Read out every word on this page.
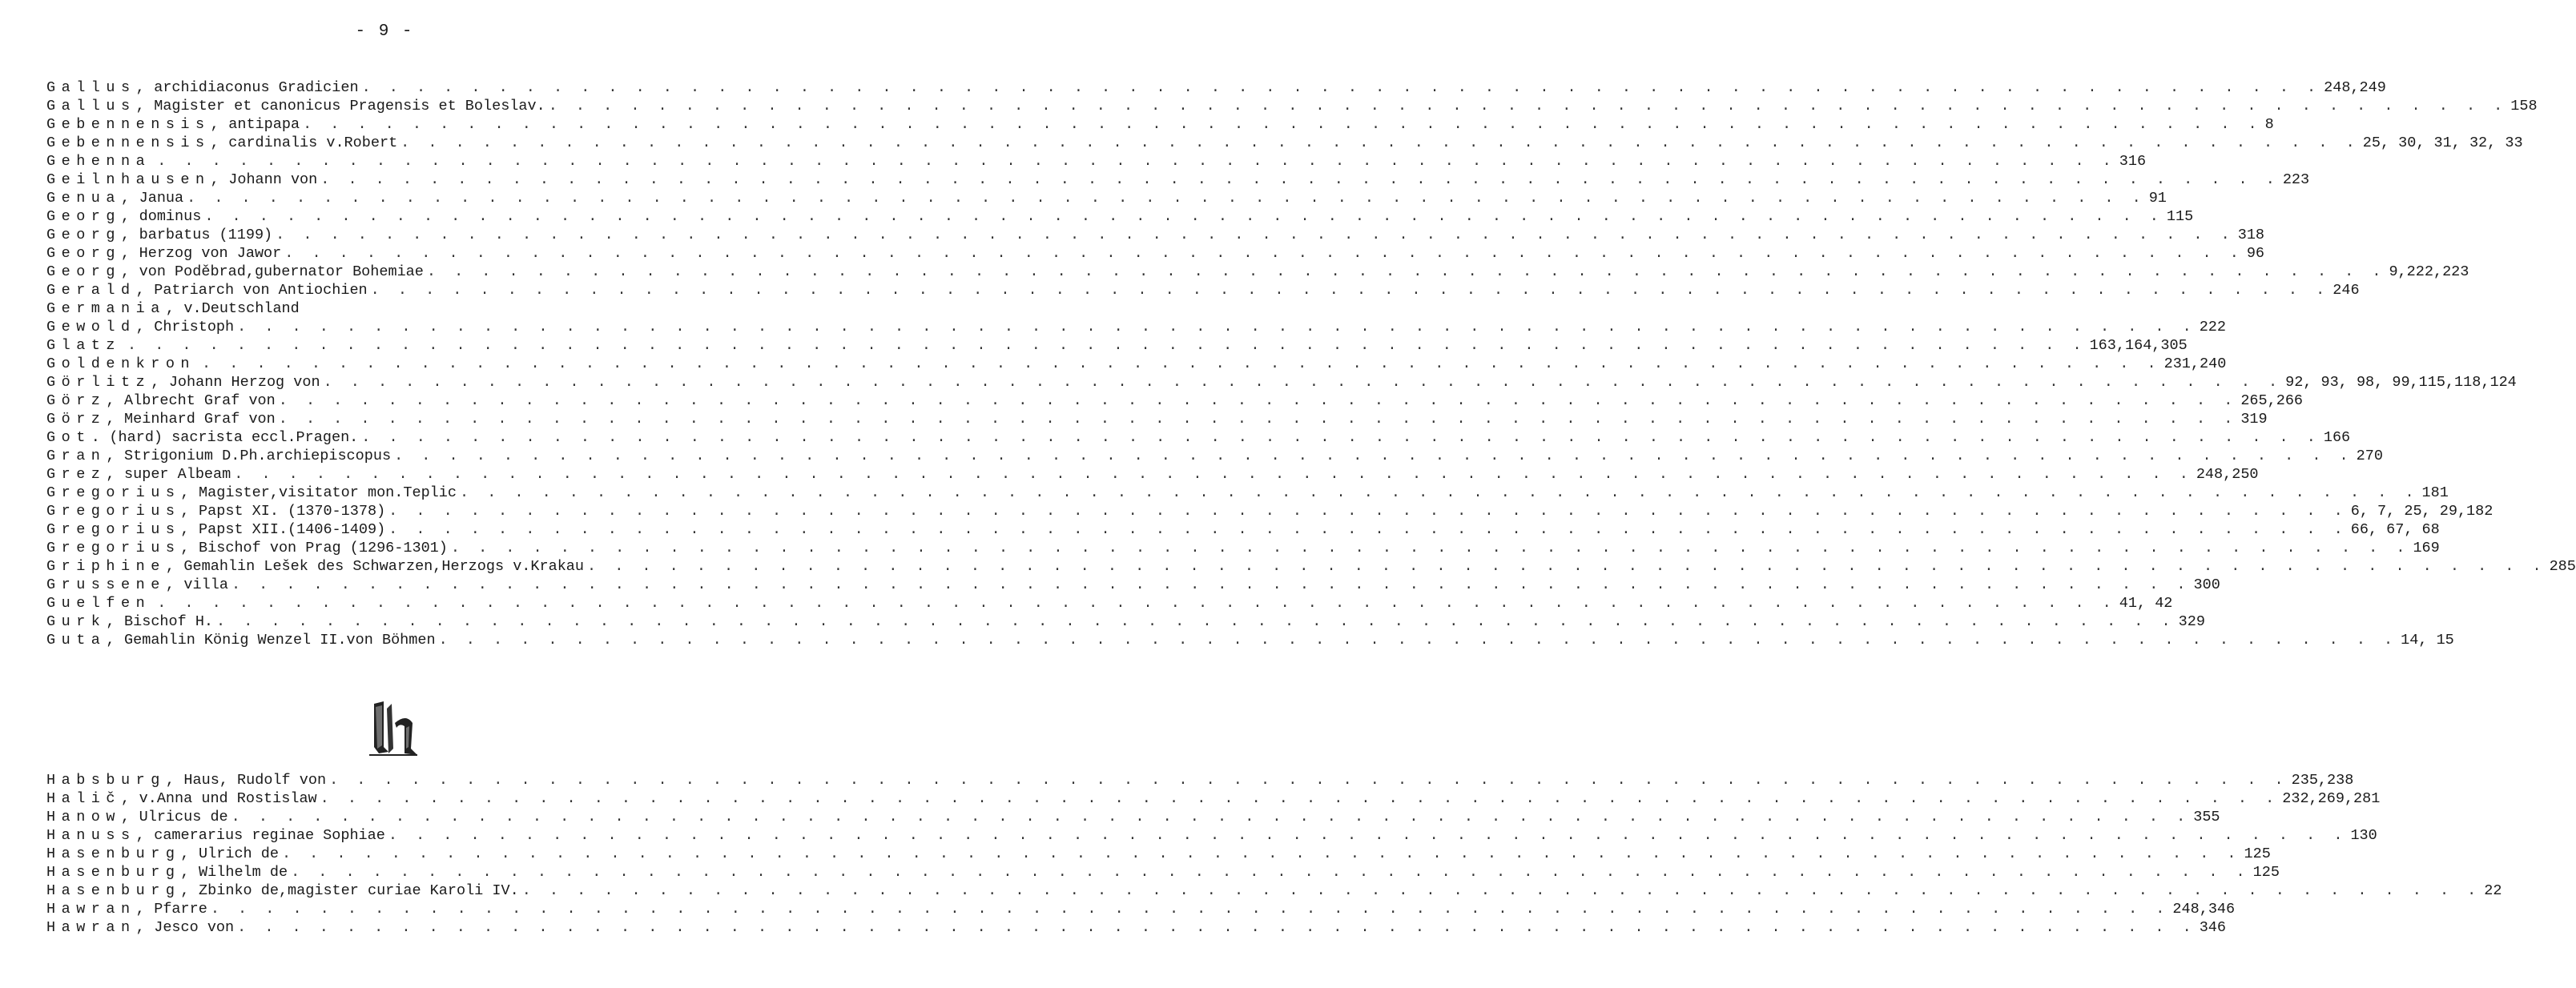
- 9 -
Gallus, archidiaconus Gradicien . . . . . . . . . . . . . . . . . . . . . . . . . . . . . . . . . . . . . . . . . . . . . . . . . . . . . . . . . . . . . . . . . . . . . . . . 248,249
Gallus, Magister et canonicus Pragensis et Boleslav. . . . . . . . . . . . . . . . . . . . . . . . . . . . . . . . . . . . . . . . . . . . . . . . . . . . . . . . . . . . . . . . . . . . . . . . . 158
Gebennensis, antipapa . . . . . . . . . . . . . . . . . . . . . . . . . . . . . . . . . . . . . . . . . . . . . . . . . . . . . . . . . . . . . . . . . . . . . . . . 8
Gebennensis, cardinalis v.Robert . . . . . . . . . . . . . . . . . . . . . . . . . . . . . . . . . . . . . . . . . . . . . . . . . . . . . . . . . . . . . . . . . . . . . . . . 25, 30, 31, 32, 33
Gehenna . . . . . . . . . . . . . . . . . . . . . . . . . . . . . . . . . . . . . . . . . . . . . . . . . . . . . . . . . . . . . . . . . . . . . . . . 316
Geilnhausen, Johann von . . . . . . . . . . . . . . . . . . . . . . . . . . . . . . . . . . . . . . . . . . . . . . . . . . . . . . . . . . . . . . . . . . . . . . . . 223
Genua, Janua . . . . . . . . . . . . . . . . . . . . . . . . . . . . . . . . . . . . . . . . . . . . . . . . . . . . . . . . . . . . . . . . . . . . . . . . 91
Georg, dominus . . . . . . . . . . . . . . . . . . . . . . . . . . . . . . . . . . . . . . . . . . . . . . . . . . . . . . . . . . . . . . . . . . . . . . . . 115
Georg, barbatus (1199) . . . . . . . . . . . . . . . . . . . . . . . . . . . . . . . . . . . . . . . . . . . . . . . . . . . . . . . . . . . . . . . . . . . . . . . . 318
Georg, Herzog von Jawor . . . . . . . . . . . . . . . . . . . . . . . . . . . . . . . . . . . . . . . . . . . . . . . . . . . . . . . . . . . . . . . . . . . . . . . . 96
Georg, von Poděbrad,gubernator Bohemiae . . . . . . . . . . . . . . . . . . . . . . . . . . . . . . . . . . . . . . . . . . . . . . . . . . . . . . . . . . . . . . . . . . . . . . . . 9,222,223
Gerald, Patriarch von Antiochien . . . . . . . . . . . . . . . . . . . . . . . . . . . . . . . . . . . . . . . . . . . . . . . . . . . . . . . . . . . . . . . . . . . . . . . . 246
Germania, v.Deutschland
Gewold, Christoph . . . . . . . . . . . . . . . . . . . . . . . . . . . . . . . . . . . . . . . . . . . . . . . . . . . . . . . . . . . . . . . . . . . . . . . . 222
Glatz . . . . . . . . . . . . . . . . . . . . . . . . . . . . . . . . . . . . . . . . . . . . . . . . . . . . . . . . . . . . . . . . . . . . . . . . 163,164,305
Goldenkron . . . . . . . . . . . . . . . . . . . . . . . . . . . . . . . . . . . . . . . . . . . . . . . . . . . . . . . . . . . . . . . . . . . . . . . . 231,240
Görlitz, Johann Herzog von . . . . . . . . . . . . . . . . . . . . . . . . . . . . . . . . . . . . . . . . . . . . . . . . . . . . . . . . . . . . . . . . . . . . . . . . 92, 93, 98, 99,115,118,124
Görz, Albrecht Graf von . . . . . . . . . . . . . . . . . . . . . . . . . . . . . . . . . . . . . . . . . . . . . . . . . . . . . . . . . . . . . . . . . . . . . . . . 265,266
Görz, Meinhard Graf von . . . . . . . . . . . . . . . . . . . . . . . . . . . . . . . . . . . . . . . . . . . . . . . . . . . . . . . . . . . . . . . . . . . . . . . . 319
Got. (hard) sacrista eccl.Pragen. . . . . . . . . . . . . . . . . . . . . . . . . . . . . . . . . . . . . . . . . . . . . . . . . . . . . . . . . . . . . . . . . . . . . . . . . 166
Gran, Strigonium D.Ph.archiepiscopus . . . . . . . . . . . . . . . . . . . . . . . . . . . . . . . . . . . . . . . . . . . . . . . . . . . . . . . . . . . . . . . . . . . . . . . . 270
Grez, super Albeam . . . . . . . . . . . . . . . . . . . . . . . . . . . . . . . . . . . . . . . . . . . . . . . . . . . . . . . . . . . . . . . . . . . . . . . . 248,250
Gregorius, Magister,visitator mon.Teplic . . . . . . . . . . . . . . . . . . . . . . . . . . . . . . . . . . . . . . . . . . . . . . . . . . . . . . . . . . . . . . . . . . . . . . . . 181
Gregorius, Papst XI. (1370-1378) . . . . . . . . . . . . . . . . . . . . . . . . . . . . . . . . . . . . . . . . . . . . . . . . . . . . . . . . . . . . . . . . . . . . . . . . 6, 7, 25, 29,182
Gregorius, Papst XII.(1406-1409) . . . . . . . . . . . . . . . . . . . . . . . . . . . . . . . . . . . . . . . . . . . . . . . . . . . . . . . . . . . . . . . . . . . . . . . . 66, 67, 68
Gregorius, Bischof von Prag (1296-1301) . . . . . . . . . . . . . . . . . . . . . . . . . . . . . . . . . . . . . . . . . . . . . . . . . . . . . . . . . . . . . . . . . . . . . . . . 169
Griphine, Gemahlin Lešek des Schwarzen,Herzogs v.Krakau . . . . . . . . . . . . . . . . . . . . . . . . . . . . . . . . . . . . . . . . . . . . . . . . . . . . . . . . . . . . . . . . . . . . . . . . 285
Grussene, villa . . . . . . . . . . . . . . . . . . . . . . . . . . . . . . . . . . . . . . . . . . . . . . . . . . . . . . . . . . . . . . . . . . . . . . . . 300
Guelfen . . . . . . . . . . . . . . . . . . . . . . . . . . . . . . . . . . . . . . . . . . . . . . . . . . . . . . . . . . . . . . . . . . . . . . . . 41, 42
Gurk, Bischof H. . . . . . . . . . . . . . . . . . . . . . . . . . . . . . . . . . . . . . . . . . . . . . . . . . . . . . . . . . . . . . . . . . . . . . . . . 329
Guta, Gemahlin König Wenzel II.von Böhmen . . . . . . . . . . . . . . . . . . . . . . . . . . . . . . . . . . . . . . . . . . . . . . . . . . . . . . . . . . . . . . . . . . . . . . . . 14, 15
Habsburg, Haus, Rudolf von . . . . . . . . . . . . . . . . . . . . . . . . . . . . . . . . . . . . . . . . . . . . . . . . . . . . . . . . . . . . . . . . . . . . . . . . 235,238
Halič, v.Anna und Rostislaw . . . . . . . . . . . . . . . . . . . . . . . . . . . . . . . . . . . . . . . . . . . . . . . . . . . . . . . . . . . . . . . . . . . . . . . . 232,269,281
Hanow, Ulricus de . . . . . . . . . . . . . . . . . . . . . . . . . . . . . . . . . . . . . . . . . . . . . . . . . . . . . . . . . . . . . . . . . . . . . . . . 355
Hanuss, camerarius reginae Sophiae . . . . . . . . . . . . . . . . . . . . . . . . . . . . . . . . . . . . . . . . . . . . . . . . . . . . . . . . . . . . . . . . . . . . . . . . 130
Hasenburg, Ulrich de . . . . . . . . . . . . . . . . . . . . . . . . . . . . . . . . . . . . . . . . . . . . . . . . . . . . . . . . . . . . . . . . . . . . . . . . 125
Hasenburg, Wilhelm de . . . . . . . . . . . . . . . . . . . . . . . . . . . . . . . . . . . . . . . . . . . . . . . . . . . . . . . . . . . . . . . . . . . . . . . . 125
Hasenburg, Zbinko de,magister curiae Karoli IV. . . . . . . . . . . . . . . . . . . . . . . . . . . . . . . . . . . . . . . . . . . . . . . . . . . . . . . . . . . . . . . . . . . . . . . . . 22
Hawran, Pfarre . . . . . . . . . . . . . . . . . . . . . . . . . . . . . . . . . . . . . . . . . . . . . . . . . . . . . . . . . . . . . . . . . . . . . . . . 248,346
Hawran, Jesco von . . . . . . . . . . . . . . . . . . . . . . . . . . . . . . . . . . . . . . . . . . . . . . . . . . . . . . . . . . . . . . . . . . . . . . . . 346
